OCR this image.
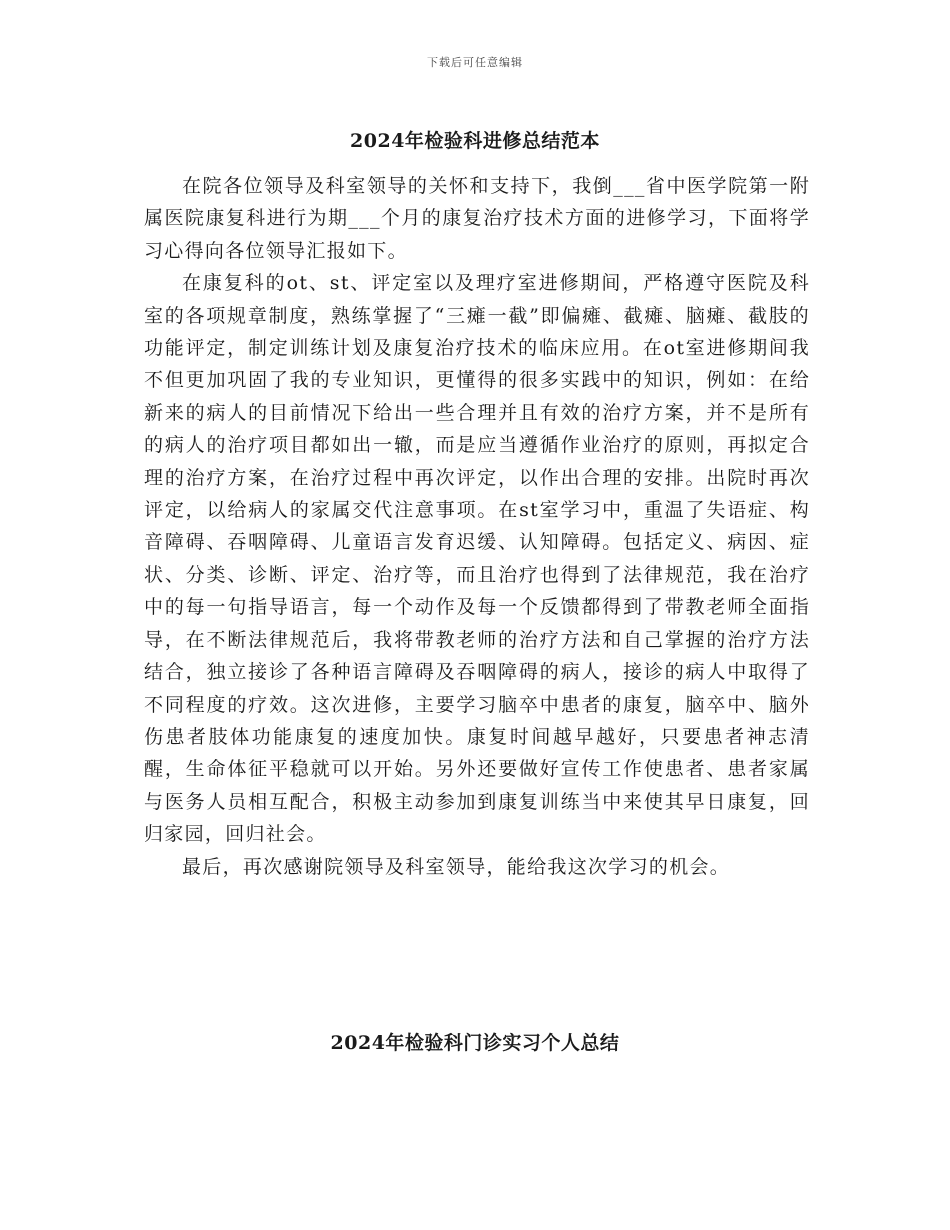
下载后可任意编辑
2024年检验科进修总结范本

在院各位领导及科室领导的关怀和支持下，我倒___省中医学院第一附属医院康复科进行为期___个月的康复治疗技术方面的进修学习，下面将学习心得向各位领导汇报如下。

在康复科的ot、st、评定室以及理疗室进修期间，严格遵守医院及科室的各项规章制度，熟练掌握了“三瘫一截”即偏瘫、截瘫、脑瘫、截肢的功能评定，制定训练计划及康复治疗技术的临床应用。在ot室进修期间我不但更加巩固了我的专业知识，更懂得的很多实践中的知识，例如：在给新来的病人的目前情况下给出一些合理并且有效的治疗方案，并不是所有的病人的治疗项目都如出一辙，而是应当遵循作业治疗的原则，再拟定合理的治疗方案，在治疗过程中再次评定，以作出合理的安排。出院时再次评定，以给病人的家属交代注意事项。在st室学习中，重温了失语症、构音障碍、吞咽障碍、儿童语言发育迟缓、认知障碍。包括定义、病因、症状、分类、诊断、评定、治疗等，而且治疗也得到了法律规范，我在治疗中的每一句指导语言，每一个动作及每一个反馈都得到了带教老师全面指导，在不断法律规范后，我将带教老师的治疗方法和自己掌握的治疗方法结合，独立接诊了各种语言障碍及吞咽障碍的病人，接诊的病人中取得了不同程度的疗效。这次进修，主要学习脑卒中患者的康复，脑卒中、脑外伤患者肢体功能康复的速度加快。康复时间越早越好，只要患者神志清醒，生命体征平稳就可以开始。另外还要做好宣传工作使患者、患者家属与医务人员相互配合，积极主动参加到康复训练当中来使其早日康复，回归家园，回归社会。

最后，再次感谢院领导及科室领导，能给我这次学习的机会。

2024年检验科门诊实习个人总结
